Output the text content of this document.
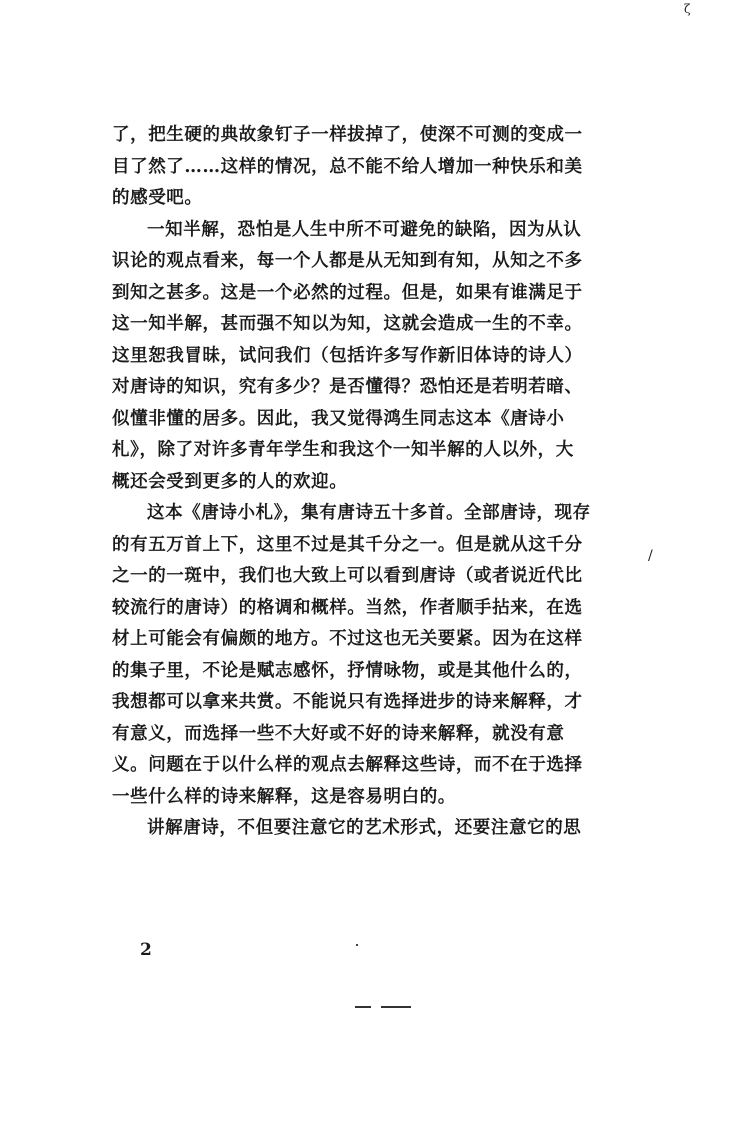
ζ
了，把生硬的典故象钉子一样拔掉了，使深不可测的变成一
目了然了……这样的情况，总不能不给人增加一种快乐和美
的感受吧。
一知半解，恐怕是人生中所不可避免的缺陷，因为从认
识论的观点看来，每一个人都是从无知到有知，从知之不多
到知之甚多。这是一个必然的过程。但是，如果有谁满足于
这一知半解，甚而强不知以为知，这就会造成一生的不幸。
这里恕我冒昧，试问我们（包括许多写作新旧体诗的诗人）
对唐诗的知识，究有多少？是否懂得？恐怕还是若明若暗、
似懂非懂的居多。因此，我又觉得鸿生同志这本《唐诗小
札》，除了对许多青年学生和我这个一知半解的人以外，大
概还会受到更多的人的欢迎。
这本《唐诗小札》，集有唐诗五十多首。全部唐诗，现存
的有五万首上下，这里不过是其千分之一。但是就从这千分
之一的一斑中，我们也大致上可以看到唐诗（或者说近代比
较流行的唐诗）的格调和概样。当然，作者顺手拈来，在选
材上可能会有偏颇的地方。不过这也无关要紧。因为在这样
的集子里，不论是赋志感怀，抒情咏物，或是其他什么的，
我想都可以拿来共赏。不能说只有选择进步的诗来解释，才
有意义，而选择一些不大好或不好的诗来解释，就没有意
义。问题在于以什么样的观点去解释这些诗，而不在于选择
一些什么样的诗来解释，这是容易明白的。
讲解唐诗，不但要注意它的艺术形式，还要注意它的思
/
2
